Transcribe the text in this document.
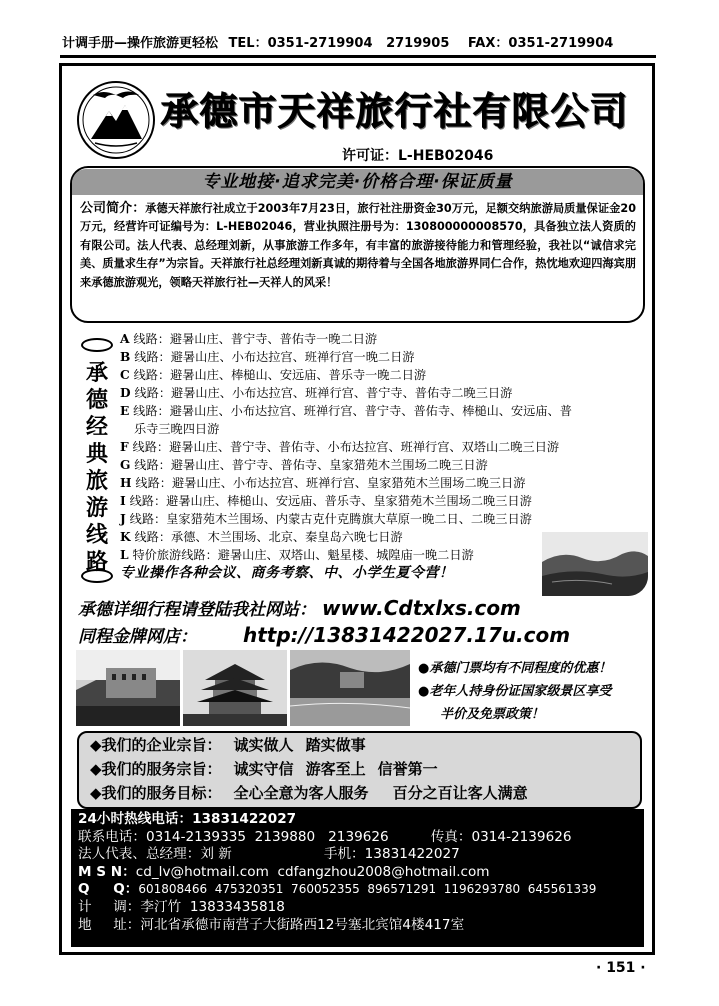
计调手册—操作旅游更轻松 TEL：0351-2719904   2719905 FAX：0351-2719904
承德市天祥旅行社有限公司
许可证：L-HEB02046
专业地接·追求完美·价格合理·保证质量
公司简介：承德天祥旅行社成立于2003年7月23日，旅行社注册资金30万元，足额交纳旅游局质量保证金20万元，经营许可证编号为：L-HEB02046，营业执照注册号为：130800000008570，具备独立法人资质的有限公司。法人代表、总经理刘新，从事旅游工作多年，有丰富的旅游接待能力和管理经验，我社以“诚信求完美、质量求生存”为宗旨。天祥旅行社总经理刘新真诚的期待着与全国各地旅游界同仁合作，热忱地欢迎四海宾朋来承德旅游观光，领略天祥旅行社—天祥人的风采！
承
德
经
典
旅
游
线
路
A 线路：避暑山庄、普宁寺、普佑寺一晚二日游
B 线路：避暑山庄、小布达拉宫、班禅行宫一晚二日游
C 线路：避暑山庄、棒槌山、安远庙、普乐寺一晚二日游
D 线路：避暑山庄、小布达拉宫、班禅行宫、普宁寺、普佑寺二晚三日游
E 线路：避暑山庄、小布达拉宫、班禅行宫、普宁寺、普佑寺、棒槌山、安远庙、普
乐寺三晚四日游
F 线路：避暑山庄、普宁寺、普佑寺、小布达拉宫、班禅行宫、双塔山二晚三日游
G 线路：避暑山庄、普宁寺、普佑寺、皇家猎苑木兰围场二晚三日游
H 线路：避暑山庄、小布达拉宫、班禅行宫、皇家猎苑木兰围场二晚三日游
I 线路：避暑山庄、棒槌山、安远庙、普乐寺、皇家猎苑木兰围场二晚三日游
J 线路：皇家猎苑木兰围场、内蒙古克什克腾旗大草原一晚二日、二晚三日游
K 线路：承德、木兰围场、北京、秦皇岛六晚七日游
L 特价旅游线路：避暑山庄、双塔山、魁星楼、城隍庙一晚二日游
专业操作各种会议、商务考察、中、小学生夏令营！
承德详细行程请登陆我社网站： www.Cdtxlxs.com
同程金牌网店： http://13831422027.17u.com
●承德门票均有不同程度的优惠！
●老年人持身份证国家级景区享受
半价及免票政策！
◆我们的企业宗旨： 诚实做人 踏实做事
◆我们的服务宗旨： 诚实守信 游客至上 信誉第一
◆我们的服务目标： 全心全意为客人服务 百分之百让客人满意
24小时热线电话：13831422027
联系电话：0314-2139335  2139880   2139626	传真：0314-2139626
法人代表、总经理：刘 新	手机：13831422027
M S N：cd_lv@hotmail.com  cdfangzhou2008@hotmail.com
Q     Q：601808466  475320351  760052355  896571291  1196293780  645561339
计     调：李汀竹  13833435818
地     址：河北省承德市南营子大街路西12号塞北宾馆4楼417室
· 151 ·
